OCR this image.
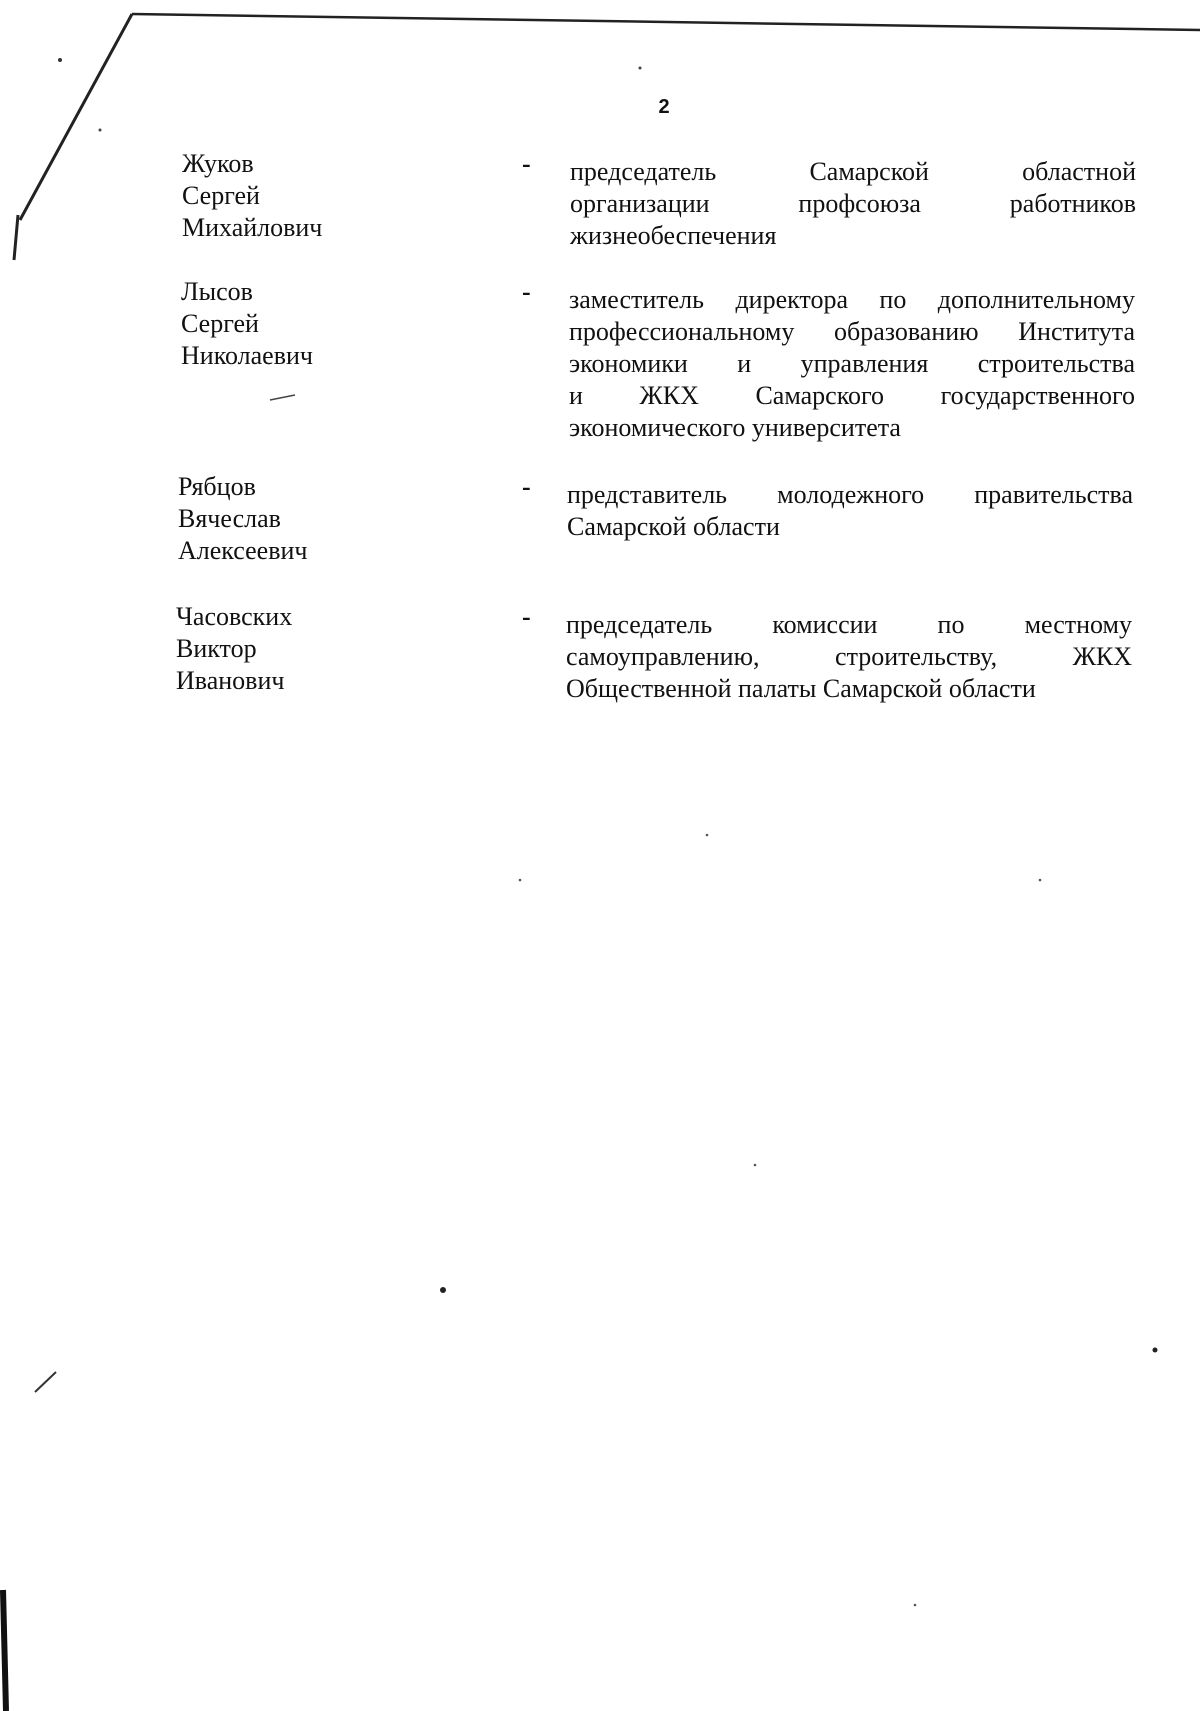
2
Жуков
Сергей
Михайлович
- председатель Самарской областной
организации профсоюза работников
жизнеобеспечения
Лысов
Сергей
Николаевич
- заместитель директора по дополнительному
профессиональному образованию Института
экономики и управления строительства
и ЖКХ Самарского государственного
экономического университета
Рябцов
Вячеслав
Алексеевич
- представитель молодежного правительства
Самарской области
Часовских
Виктор
Иванович
- председатель комиссии по местному
самоуправлению, строительству, ЖКХ
Общественной палаты Самарской области
